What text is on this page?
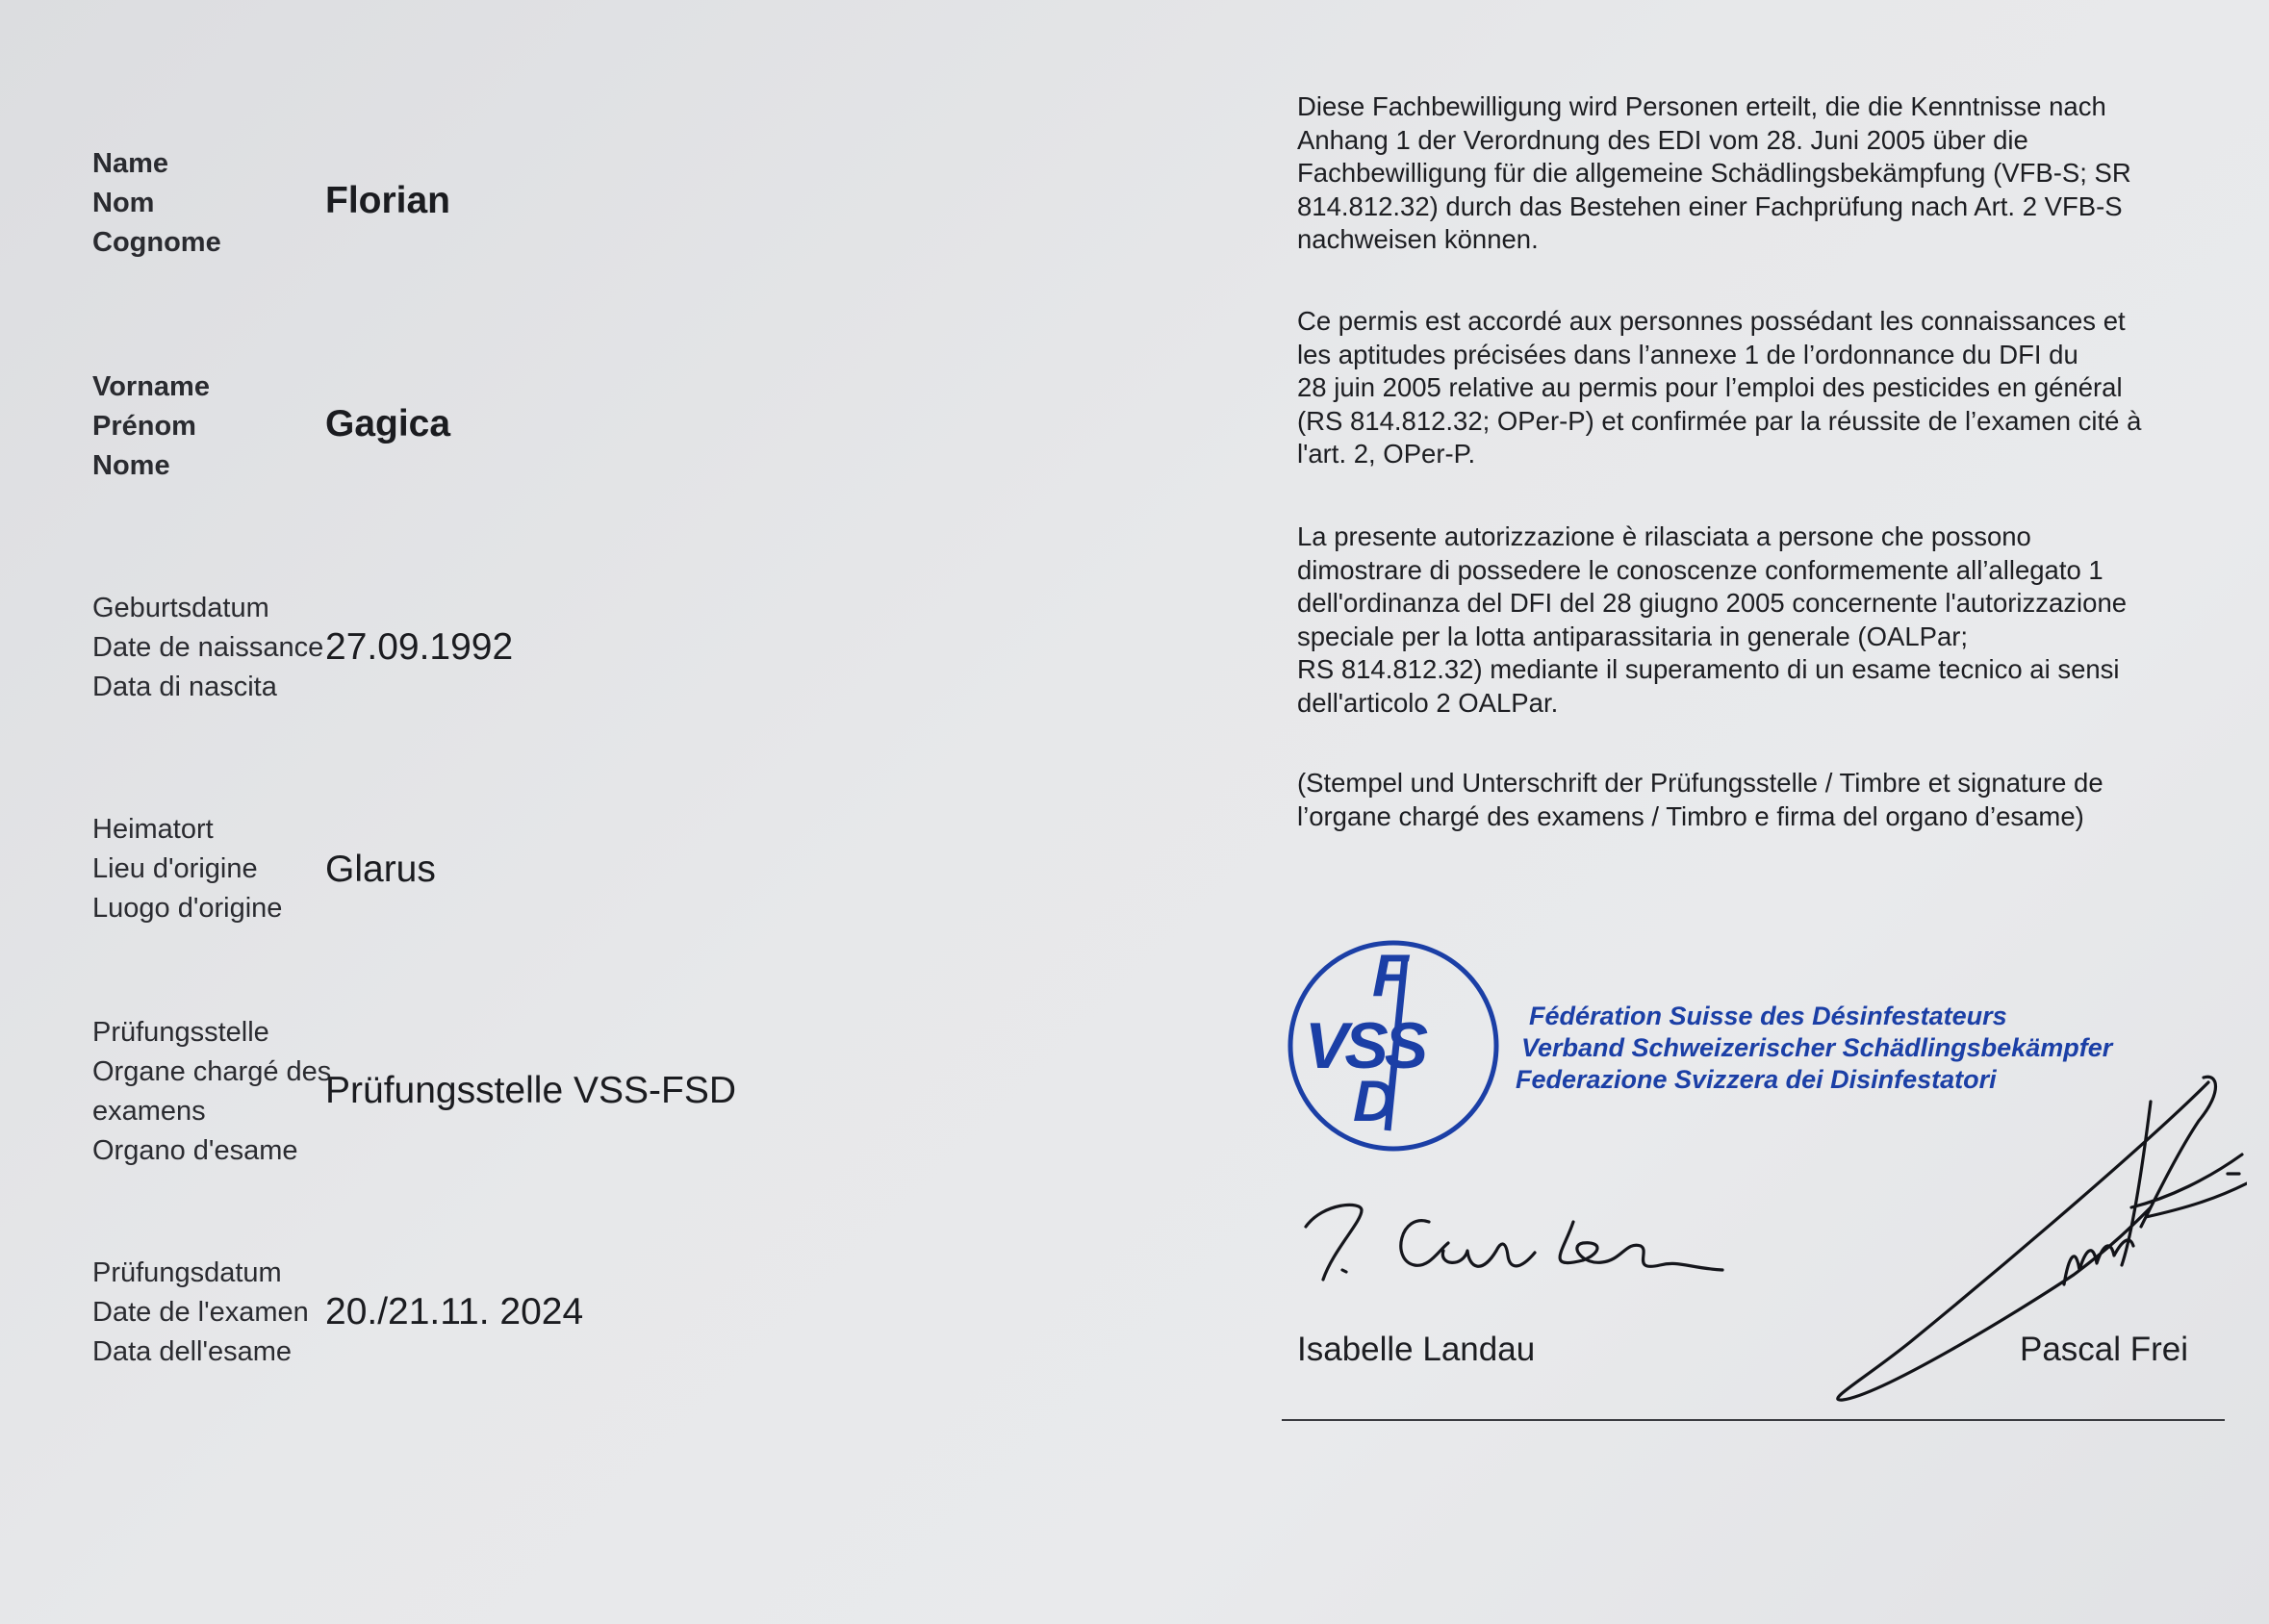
Name
Nom
Cognome
Florian
Vorname
Prénom
Nome
Gagica
Geburtsdatum
Date de naissance
Data di nascita
27.09.1992
Heimatort
Lieu d'origine
Luogo d'origine
Glarus
Prüfungsstelle
Organe chargé des
examens
Organo d'esame
Prüfungsstelle VSS-FSD
Prüfungsdatum
Date de l'examen
Data dell'esame
20./21.11. 2024
Diese Fachbewilligung wird Personen erteilt, die die Kenntnisse nach
Anhang 1 der Verordnung des EDI vom 28. Juni 2005 über die
Fachbewilligung für die allgemeine Schädlingsbekämpfung (VFB-S; SR
814.812.32) durch das Bestehen einer Fachprüfung nach Art. 2 VFB-S
nachweisen können.
Ce permis est accordé aux personnes possédant les connaissances et
les aptitudes précisées dans l’annexe 1 de l’ordonnance du DFI du
28 juin 2005 relative au permis pour l’emploi des pesticides en général
(RS 814.812.32; OPer-P) et confirmée par la réussite de l’examen cité à
l'art. 2, OPer-P.
La presente autorizzazione è rilasciata a persone che possono
dimostrare di possedere le conoscenze conformemente all’allegato 1
dell'ordinanza del DFI del 28 giugno 2005 concernente l'autorizzazione
speciale per la lotta antiparassitaria in generale (OALPar;
RS 814.812.32) mediante il superamento di un esame tecnico ai sensi
dell'articolo 2 OALPar.
(Stempel und Unterschrift der Prüfungsstelle / Timbre et signature de
l’organe chargé des examens / Timbro e firma del organo d’esame)
F
VSS
D
Fédération Suisse des Désinfestateurs
Verband Schweizerischer Schädlingsbekämpfer
Federazione Svizzera dei Disinfestatori
Isabelle Landau	Pascal Frei
